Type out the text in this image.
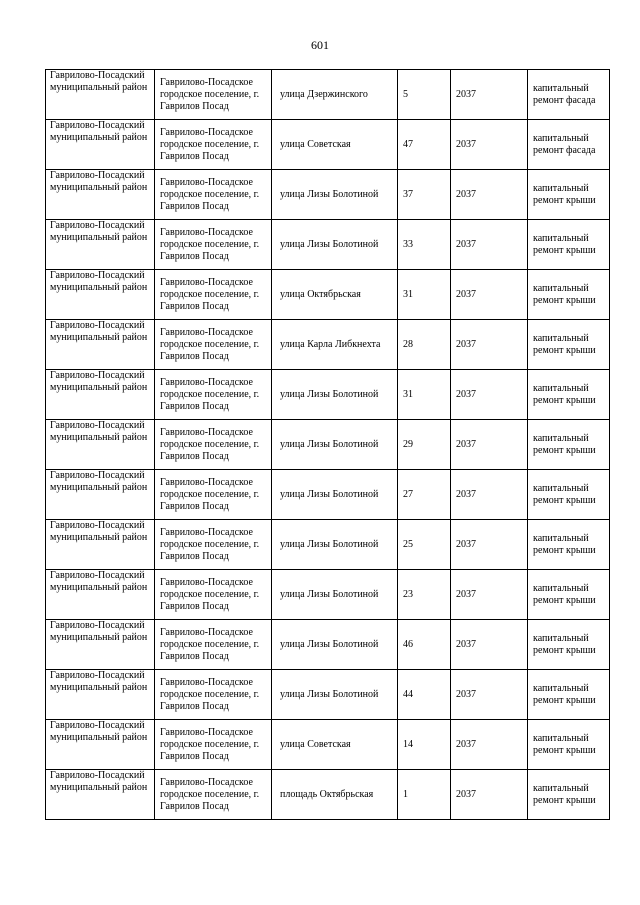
601
Гаврилово-Посадский муниципальный район	Гаврилово-Посадское городское поселение, г. Гаврилов Посад	улица Дзержинского	5	2037	капитальный ремонт фасада
Гаврилово-Посадский муниципальный район	Гаврилово-Посадское городское поселение, г. Гаврилов Посад	улица Советская	47	2037	капитальный ремонт фасада
Гаврилово-Посадский муниципальный район	Гаврилово-Посадское городское поселение, г. Гаврилов Посад	улица Лизы Болотиной	37	2037	капитальный ремонт крыши
Гаврилово-Посадский муниципальный район	Гаврилово-Посадское городское поселение, г. Гаврилов Посад	улица Лизы Болотиной	33	2037	капитальный ремонт крыши
Гаврилово-Посадский муниципальный район	Гаврилово-Посадское городское поселение, г. Гаврилов Посад	улица Октябрьская	31	2037	капитальный ремонт крыши
Гаврилово-Посадский муниципальный район	Гаврилово-Посадское городское поселение, г. Гаврилов Посад	улица Карла Либкнехта	28	2037	капитальный ремонт крыши
Гаврилово-Посадский муниципальный район	Гаврилово-Посадское городское поселение, г. Гаврилов Посад	улица Лизы Болотиной	31	2037	капитальный ремонт крыши
Гаврилово-Посадский муниципальный район	Гаврилово-Посадское городское поселение, г. Гаврилов Посад	улица Лизы Болотиной	29	2037	капитальный ремонт крыши
Гаврилово-Посадский муниципальный район	Гаврилово-Посадское городское поселение, г. Гаврилов Посад	улица Лизы Болотиной	27	2037	капитальный ремонт крыши
Гаврилово-Посадский муниципальный район	Гаврилово-Посадское городское поселение, г. Гаврилов Посад	улица Лизы Болотиной	25	2037	капитальный ремонт крыши
Гаврилово-Посадский муниципальный район	Гаврилово-Посадское городское поселение, г. Гаврилов Посад	улица Лизы Болотиной	23	2037	капитальный ремонт крыши
Гаврилово-Посадский муниципальный район	Гаврилово-Посадское городское поселение, г. Гаврилов Посад	улица Лизы Болотиной	46	2037	капитальный ремонт крыши
Гаврилово-Посадский муниципальный район	Гаврилово-Посадское городское поселение, г. Гаврилов Посад	улица Лизы Болотиной	44	2037	капитальный ремонт крыши
Гаврилово-Посадский муниципальный район	Гаврилово-Посадское городское поселение, г. Гаврилов Посад	улица Советская	14	2037	капитальный ремонт крыши
Гаврилово-Посадский муниципальный район	Гаврилово-Посадское городское поселение, г. Гаврилов Посад	площадь Октябрьская	1	2037	капитальный ремонт крыши
